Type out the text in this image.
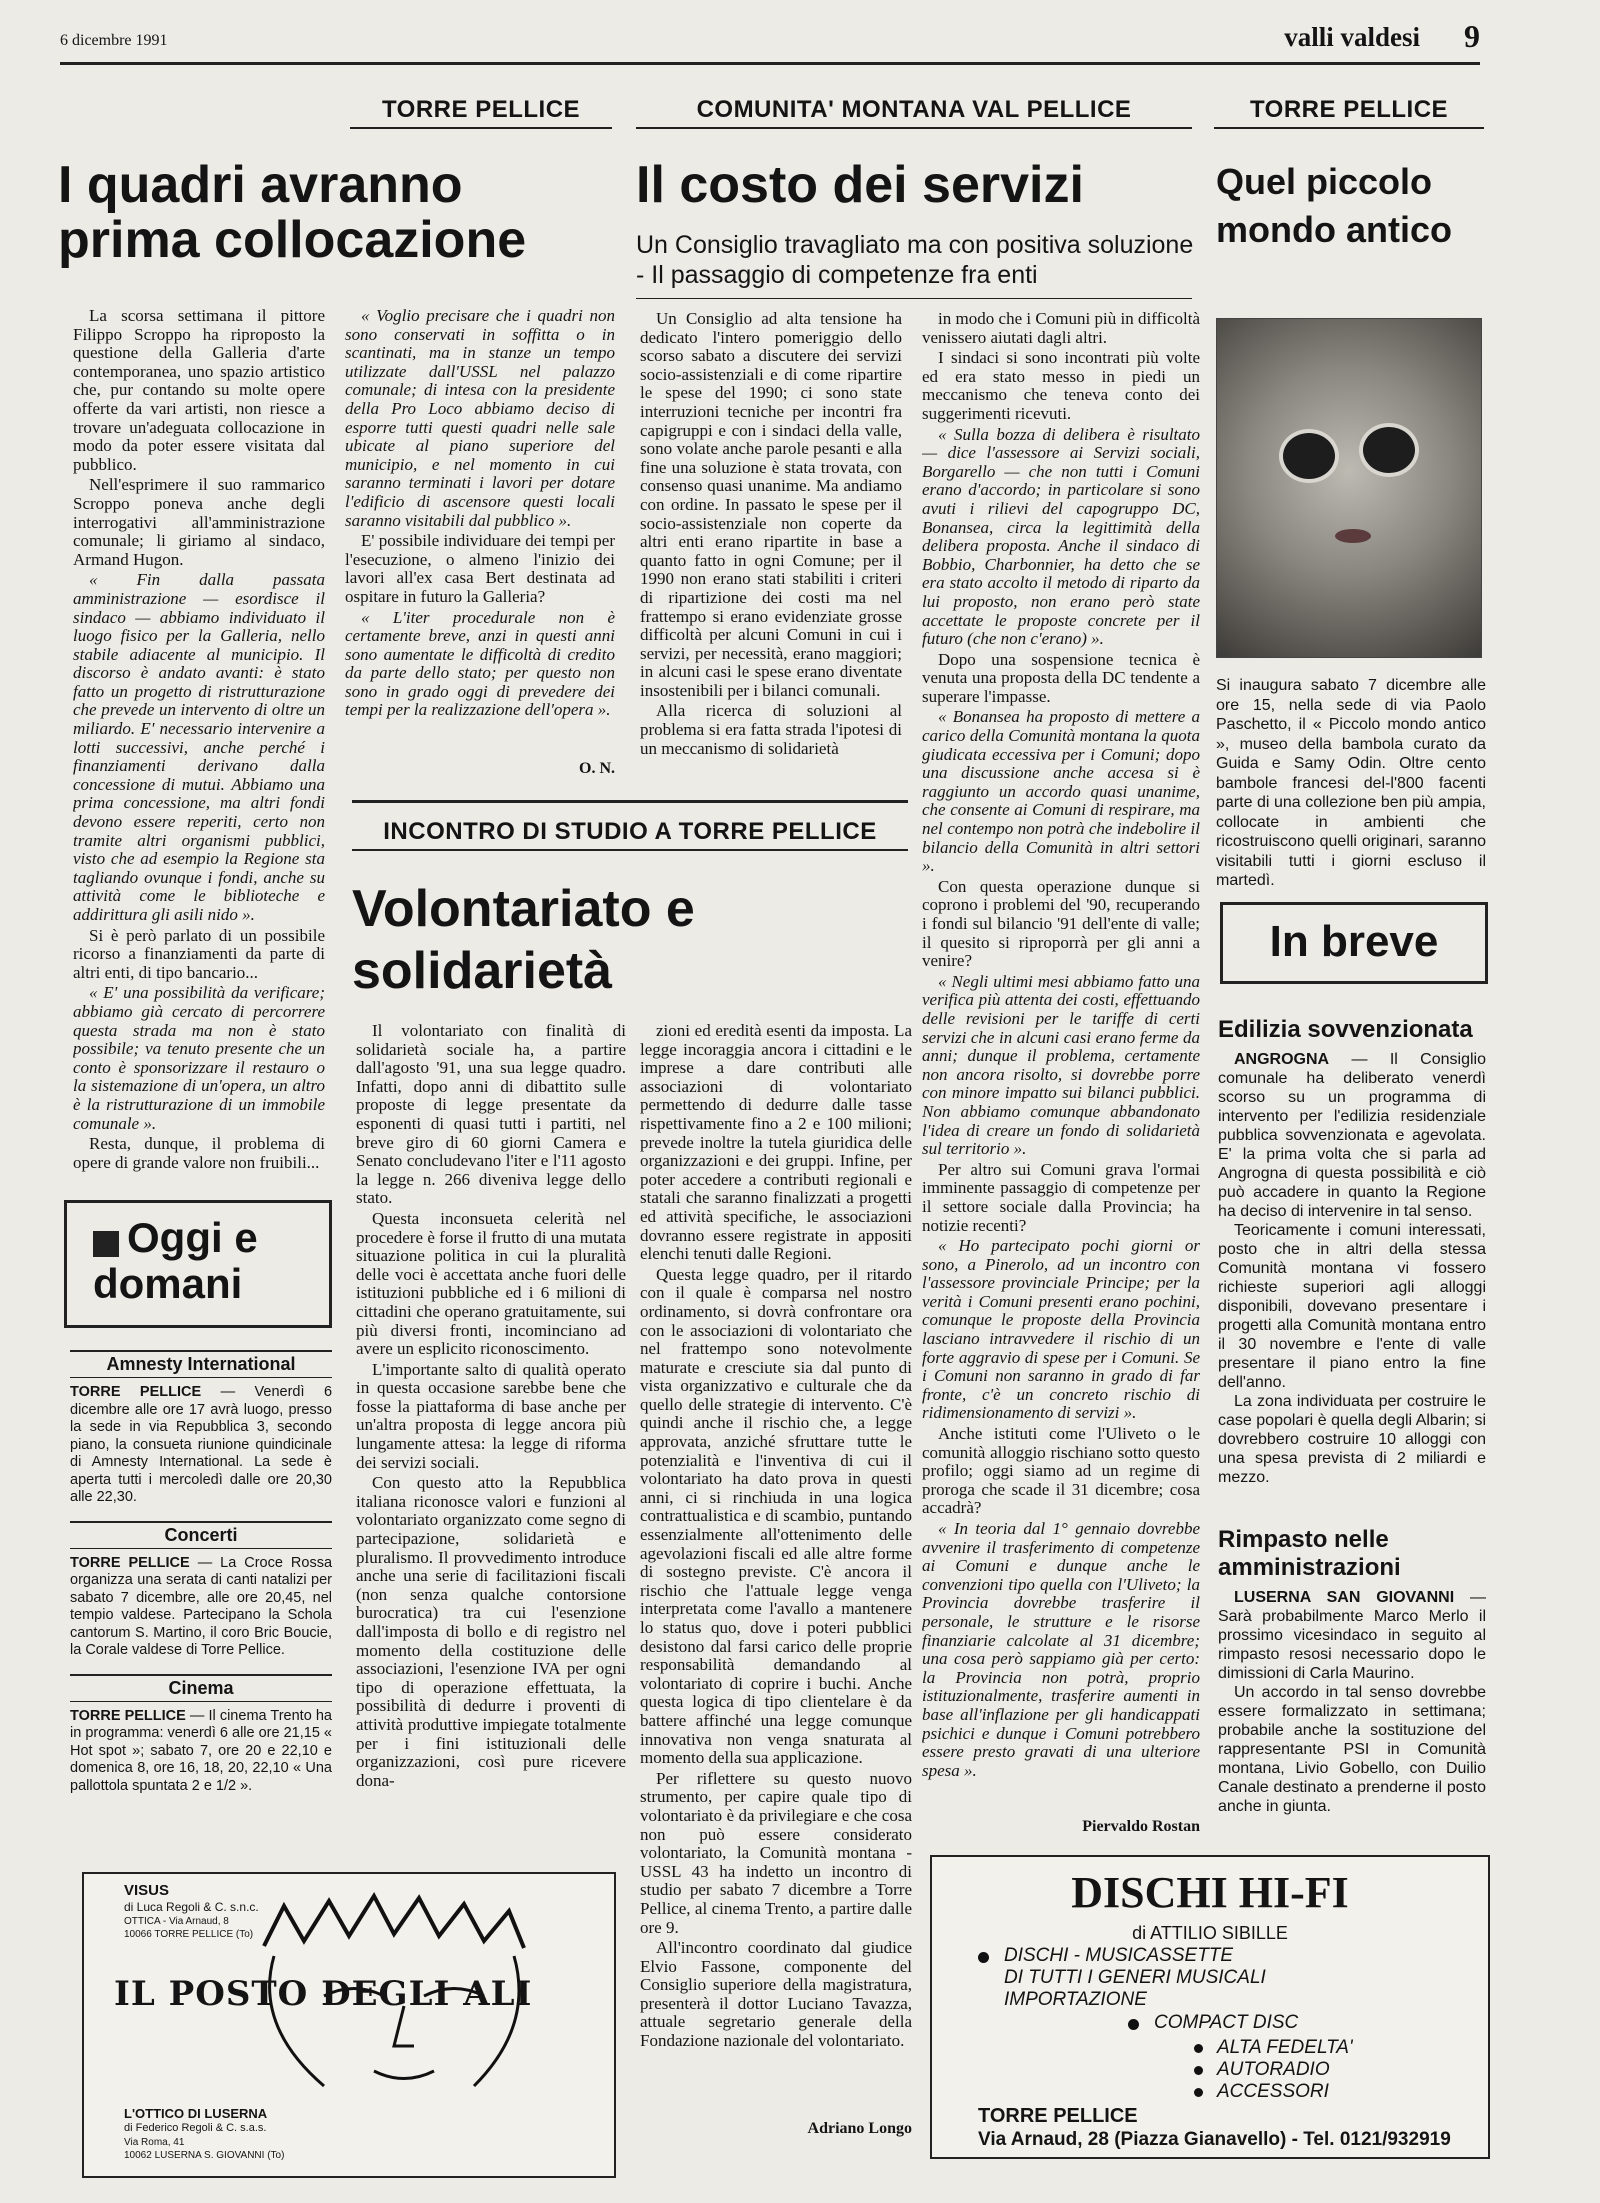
6 dicembre 1991	valli valdesi 9
TORRE PELLICE
I quadri avranno prima collocazione

La scorsa settimana il pittore Filippo Scroppo ha riproposto la questione della Galleria d'arte contemporanea, uno spazio artistico che, pur contando su molte opere offerte da vari artisti, non riesce a trovare un'adeguata collocazione in modo da poter essere visitata dal pubblico.

Nell'esprimere il suo rammarico Scroppo poneva anche degli interrogativi all'amministrazione comunale; li giriamo al sindaco, Armand Hugon.

« Fin dalla passata amministrazione — esordisce il sindaco — abbiamo individuato il luogo fisico per la Galleria, nello stabile adiacente al municipio. Il discorso è andato avanti: è stato fatto un progetto di ristrutturazione che prevede un intervento di oltre un miliardo. E' necessario intervenire a lotti successivi, anche perché i finanziamenti derivano dalla concessione di mutui. Abbiamo una prima concessione, ma altri fondi devono essere reperiti, certo non tramite altri organismi pubblici, visto che ad esempio la Regione sta tagliando ovunque i fondi, anche su attività come le biblioteche e addirittura gli asili nido ».

Si è però parlato di un possibile ricorso a finanziamenti da parte di altri enti, di tipo bancario...

« E' una possibilità da verificare; abbiamo già cercato di percorrere questa strada ma non è stato possibile; va tenuto presente che un conto è sponsorizzare il restauro o la sistemazione di un'opera, un altro è la ristrutturazione di un immobile comunale ».

Resta, dunque, il problema di opere di grande valore non fruibili...

« Voglio precisare che i quadri non sono conservati in soffitta o in scantinati, ma in stanze un tempo utilizzate dall'USSL nel palazzo comunale; di intesa con la presidente della Pro Loco abbiamo deciso di esporre tutti questi quadri nelle sale ubicate al piano superiore del municipio, e nel momento in cui saranno terminati i lavori per dotare l'edificio di ascensore questi locali saranno visitabili dal pubblico ».

E' possibile individuare dei tempi per l'esecuzione, o almeno l'inizio dei lavori all'ex casa Bert destinata ad ospitare in futuro la Galleria?

« L'iter procedurale non è certamente breve, anzi in questi anni sono aumentate le difficoltà di credito da parte dello stato; per questo non sono in grado oggi di prevedere dei tempi per la realizzazione dell'opera ».

O. N.
COMUNITA' MONTANA VAL PELLICE
Il costo dei servizi
Un Consiglio travagliato ma con positiva soluzione - Il passaggio di competenze fra enti

Un Consiglio ad alta tensione ha dedicato l'intero pomeriggio dello scorso sabato a discutere dei servizi socio-assistenziali e di come ripartire le spese del 1990; ci sono state interruzioni tecniche per incontri fra capigruppi e con i sindaci della valle, sono volate anche parole pesanti e alla fine una soluzione è stata trovata, con consenso quasi unanime. Ma andiamo con ordine. In passato le spese per il socio-assistenziale non coperte da altri enti erano ripartite in base a quanto fatto in ogni Comune; per il 1990 non erano stati stabiliti i criteri di ripartizione dei costi ma nel frattempo si erano evidenziate grosse difficoltà per alcuni Comuni in cui i servizi, per necessità, erano maggiori; in alcuni casi le spese erano diventate insostenibili per i bilanci comunali.

Alla ricerca di soluzioni al problema si era fatta strada l'ipotesi di un meccanismo di solidarietà

in modo che i Comuni più in difficoltà venissero aiutati dagli altri.

I sindaci si sono incontrati più volte ed era stato messo in piedi un meccanismo che teneva conto dei suggerimenti ricevuti.

« Sulla bozza di delibera è risultato — dice l'assessore ai Servizi sociali, Borgarello — che non tutti i Comuni erano d'accordo; in particolare si sono avuti i rilievi del capogruppo DC, Bonansea, circa la legittimità della delibera proposta. Anche il sindaco di Bobbio, Charbonnier, ha detto che se era stato accolto il metodo di riparto da lui proposto, non erano però state accettate le proposte concrete per il futuro (che non c'erano) ».

Dopo una sospensione tecnica è venuta una proposta della DC tendente a superare l'impasse.

« Bonansea ha proposto di mettere a carico della Comunità montana la quota giudicata eccessiva per i Comuni; dopo una discussione anche accesa si è raggiunto un accordo quasi unanime, che consente ai Comuni di respirare, ma nel contempo non potrà che indebolire il bilancio della Comunità in altri settori ».

Con questa operazione dunque si coprono i problemi del '90, recuperando i fondi sul bilancio '91 dell'ente di valle; il quesito si riproporrà per gli anni a venire?

« Negli ultimi mesi abbiamo fatto una verifica più attenta dei costi, effettuando delle revisioni per le tariffe di certi servizi che in alcuni casi erano ferme da anni; dunque il problema, certamente non ancora risolto, si dovrebbe porre con minore impatto sui bilanci pubblici. Non abbiamo comunque abbandonato l'idea di creare un fondo di solidarietà sul territorio ».

Per altro sui Comuni grava l'ormai imminente passaggio di competenze per il settore sociale dalla Provincia; ha notizie recenti?

« Ho partecipato pochi giorni or sono, a Pinerolo, ad un incontro con l'assessore provinciale Principe; per la verità i Comuni presenti erano pochini, comunque le proposte della Provincia lasciano intravvedere il rischio di un forte aggravio di spese per i Comuni. Se i Comuni non saranno in grado di far fronte, c'è un concreto rischio di ridimensionamento di servizi ».

Anche istituti come l'Uliveto o le comunità alloggio rischiano sotto questo profilo; oggi siamo ad un regime di proroga che scade il 31 dicembre; cosa accadrà?

« In teoria dal 1° gennaio dovrebbe avvenire il trasferimento di competenze ai Comuni e dunque anche le convenzioni tipo quella con l'Uliveto; la Provincia dovrebbe trasferire il personale, le strutture e le risorse finanziarie calcolate al 31 dicembre; una cosa però sappiamo già per certo: la Provincia non potrà, proprio istituzionalmente, trasferire aumenti in base all'inflazione per gli handicappati psichici e dunque i Comuni potrebbero essere presto gravati di una ulteriore spesa ».

Piervaldo Rostan
TORRE PELLICE
Quel piccolo mondo antico
Si inaugura sabato 7 dicembre alle ore 15, nella sede di via Paolo Paschetto, il « Piccolo mondo antico », museo della bambola curato da Guida e Samy Odin. Oltre cento bambole francesi del-l'800 facenti parte di una collezione ben più ampia, collocate in ambienti che ricostruiscono quelli originari, saranno visitabili tutti i giorni escluso il martedì.
In breve
Edilizia sovvenzionata

ANGROGNA — Il Consiglio comunale ha deliberato venerdì scorso su un programma di intervento per l'edilizia residenziale pubblica sovvenzionata e agevolata. E' la prima volta che si parla ad Angrogna di questa possibilità e ciò può accadere in quanto la Regione ha deciso di intervenire in tal senso.

Teoricamente i comuni interessati, posto che in altri della stessa Comunità montana vi fossero richieste superiori agli alloggi disponibili, dovevano presentare i progetti alla Comunità montana entro il 30 novembre e l'ente di valle presentare il piano entro la fine dell'anno.

La zona individuata per costruire le case popolari è quella degli Albarin; si dovrebbero costruire 10 alloggi con una spesa prevista di 2 miliardi e mezzo.

Rimpasto nelle amministrazioni

LUSERNA SAN GIOVANNI — Sarà probabilmente Marco Merlo il prossimo vicesindaco in seguito al rimpasto resosi necessario dopo le dimissioni di Carla Maurino.

Un accordo in tal senso dovrebbe essere formalizzato in settimana; probabile anche la sostituzione del rappresentante PSI in Comunità montana, Livio Gobello, con Duilio Canale destinato a prenderne il posto anche in giunta.

INCONTRO DI STUDIO A TORRE PELLICE
Volontariato e solidarietà

Il volontariato con finalità di solidarietà sociale ha, a partire dall'agosto '91, una sua legge quadro. Infatti, dopo anni di dibattito sulle proposte di legge presentate da esponenti di quasi tutti i partiti, nel breve giro di 60 giorni Camera e Senato concludevano l'iter e l'11 agosto la legge n. 266 diveniva legge dello stato.

Questa inconsueta celerità nel procedere è forse il frutto di una mutata situazione politica in cui la pluralità delle voci è accettata anche fuori delle istituzioni pubbliche ed i 6 milioni di cittadini che operano gratuitamente, sui più diversi fronti, incominciano ad avere un esplicito riconoscimento.

L'importante salto di qualità operato in questa occasione sarebbe bene che fosse la piattaforma di base anche per un'altra proposta di legge ancora più lungamente attesa: la legge di riforma dei servizi sociali.

Con questo atto la Repubblica italiana riconosce valori e funzioni al volontariato organizzato come segno di partecipazione, solidarietà e pluralismo. Il provvedimento introduce anche una serie di facilitazioni fiscali (non senza qualche contorsione burocratica) tra cui l'esenzione dall'imposta di bollo e di registro nel momento della costituzione delle associazioni, l'esenzione IVA per ogni tipo di operazione effettuata, la possibilità di dedurre i proventi di attività produttive impiegate totalmente per i fini istituzionali delle organizzazioni, così pure ricevere dona-

zioni ed eredità esenti da imposta. La legge incoraggia ancora i cittadini e le imprese a dare contributi alle associazioni di volontariato permettendo di dedurre dalle tasse rispettivamente fino a 2 e 100 milioni; prevede inoltre la tutela giuridica delle organizzazioni e dei gruppi. Infine, per poter accedere a contributi regionali e statali che saranno finalizzati a progetti ed attività specifiche, le associazioni dovranno essere registrate in appositi elenchi tenuti dalle Regioni.

Questa legge quadro, per il ritardo con il quale è comparsa nel nostro ordinamento, si dovrà confrontare ora con le associazioni di volontariato che nel frattempo sono notevolmente maturate e cresciute sia dal punto di vista organizzativo e culturale che da quello delle strategie di intervento. C'è quindi anche il rischio che, a legge approvata, anziché sfruttare tutte le potenzialità e l'inventiva di cui il volontariato ha dato prova in questi anni, ci si rinchiuda in una logica contrattualistica e di scambio, puntando essenzialmente all'ottenimento delle agevolazioni fiscali ed alle altre forme di sostegno previste. C'è ancora il rischio che l'attuale legge venga interpretata come l'avallo a mantenere lo status quo, dove i poteri pubblici desistono dal farsi carico delle proprie responsabilità demandando al volontariato di coprire i buchi. Anche questa logica di tipo clientelare è da battere affinché una legge comunque innovativa non venga snaturata al momento della sua applicazione.

Per riflettere su questo nuovo strumento, per capire quale tipo di volontariato è da privilegiare e che cosa non può essere considerato volontariato, la Comunità montana - USSL 43 ha indetto un incontro di studio per sabato 7 dicembre a Torre Pellice, al cinema Trento, a partire dalle ore 9.

All'incontro coordinato dal giudice Elvio Fassone, componente del Consiglio superiore della magistratura, presenterà il dottor Luciano Tavazza, attuale segretario generale della Fondazione nazionale del volontariato.

Adriano Longo
Oggi e domani
Amnesty International
TORRE PELLICE — Venerdì 6 dicembre alle ore 17 avrà luogo, presso la sede in via Repubblica 3, secondo piano, la consueta riunione quindicinale di Amnesty International. La sede è aperta tutti i mercoledì dalle ore 20,30 alle 22,30.
Concerti
TORRE PELLICE — La Croce Rossa organizza una serata di canti natalizi per sabato 7 dicembre, alle ore 20,45, nel tempio valdese. Partecipano la Schola cantorum S. Martino, il coro Bric Boucie, la Corale valdese di Torre Pellice.
Cinema
TORRE PELLICE — Il cinema Trento ha in programma: venerdì 6 alle ore 21,15 « Hot spot »; sabato 7, ore 20 e 22,10 e domenica 8, ore 16, 18, 20, 22,10 « Una pallottola spuntata 2 e 1/2 ».
VISUS
di Luca Regoli & C. s.n.c.
OTTICA - Via Arnaud, 8
10066 TORRE PELLICE (To)
IL POSTO DEGLI ALI
L'OTTICO DI LUSERNA
di Federico Regoli & C. s.a.s.
Via Roma, 41
10062 LUSERNA S. GIOVANNI (To)
DISCHI HI-FI
di ATTILIO SIBILLE
DISCHI - MUSICASSETTE
DI TUTTI I GENERI MUSICALI
IMPORTAZIONE
COMPACT DISC
ALTA FEDELTA'
AUTORADIO
ACCESSORI
TORRE PELLICE
Via Arnaud, 28 (Piazza Gianavello) - Tel. 0121/932919
